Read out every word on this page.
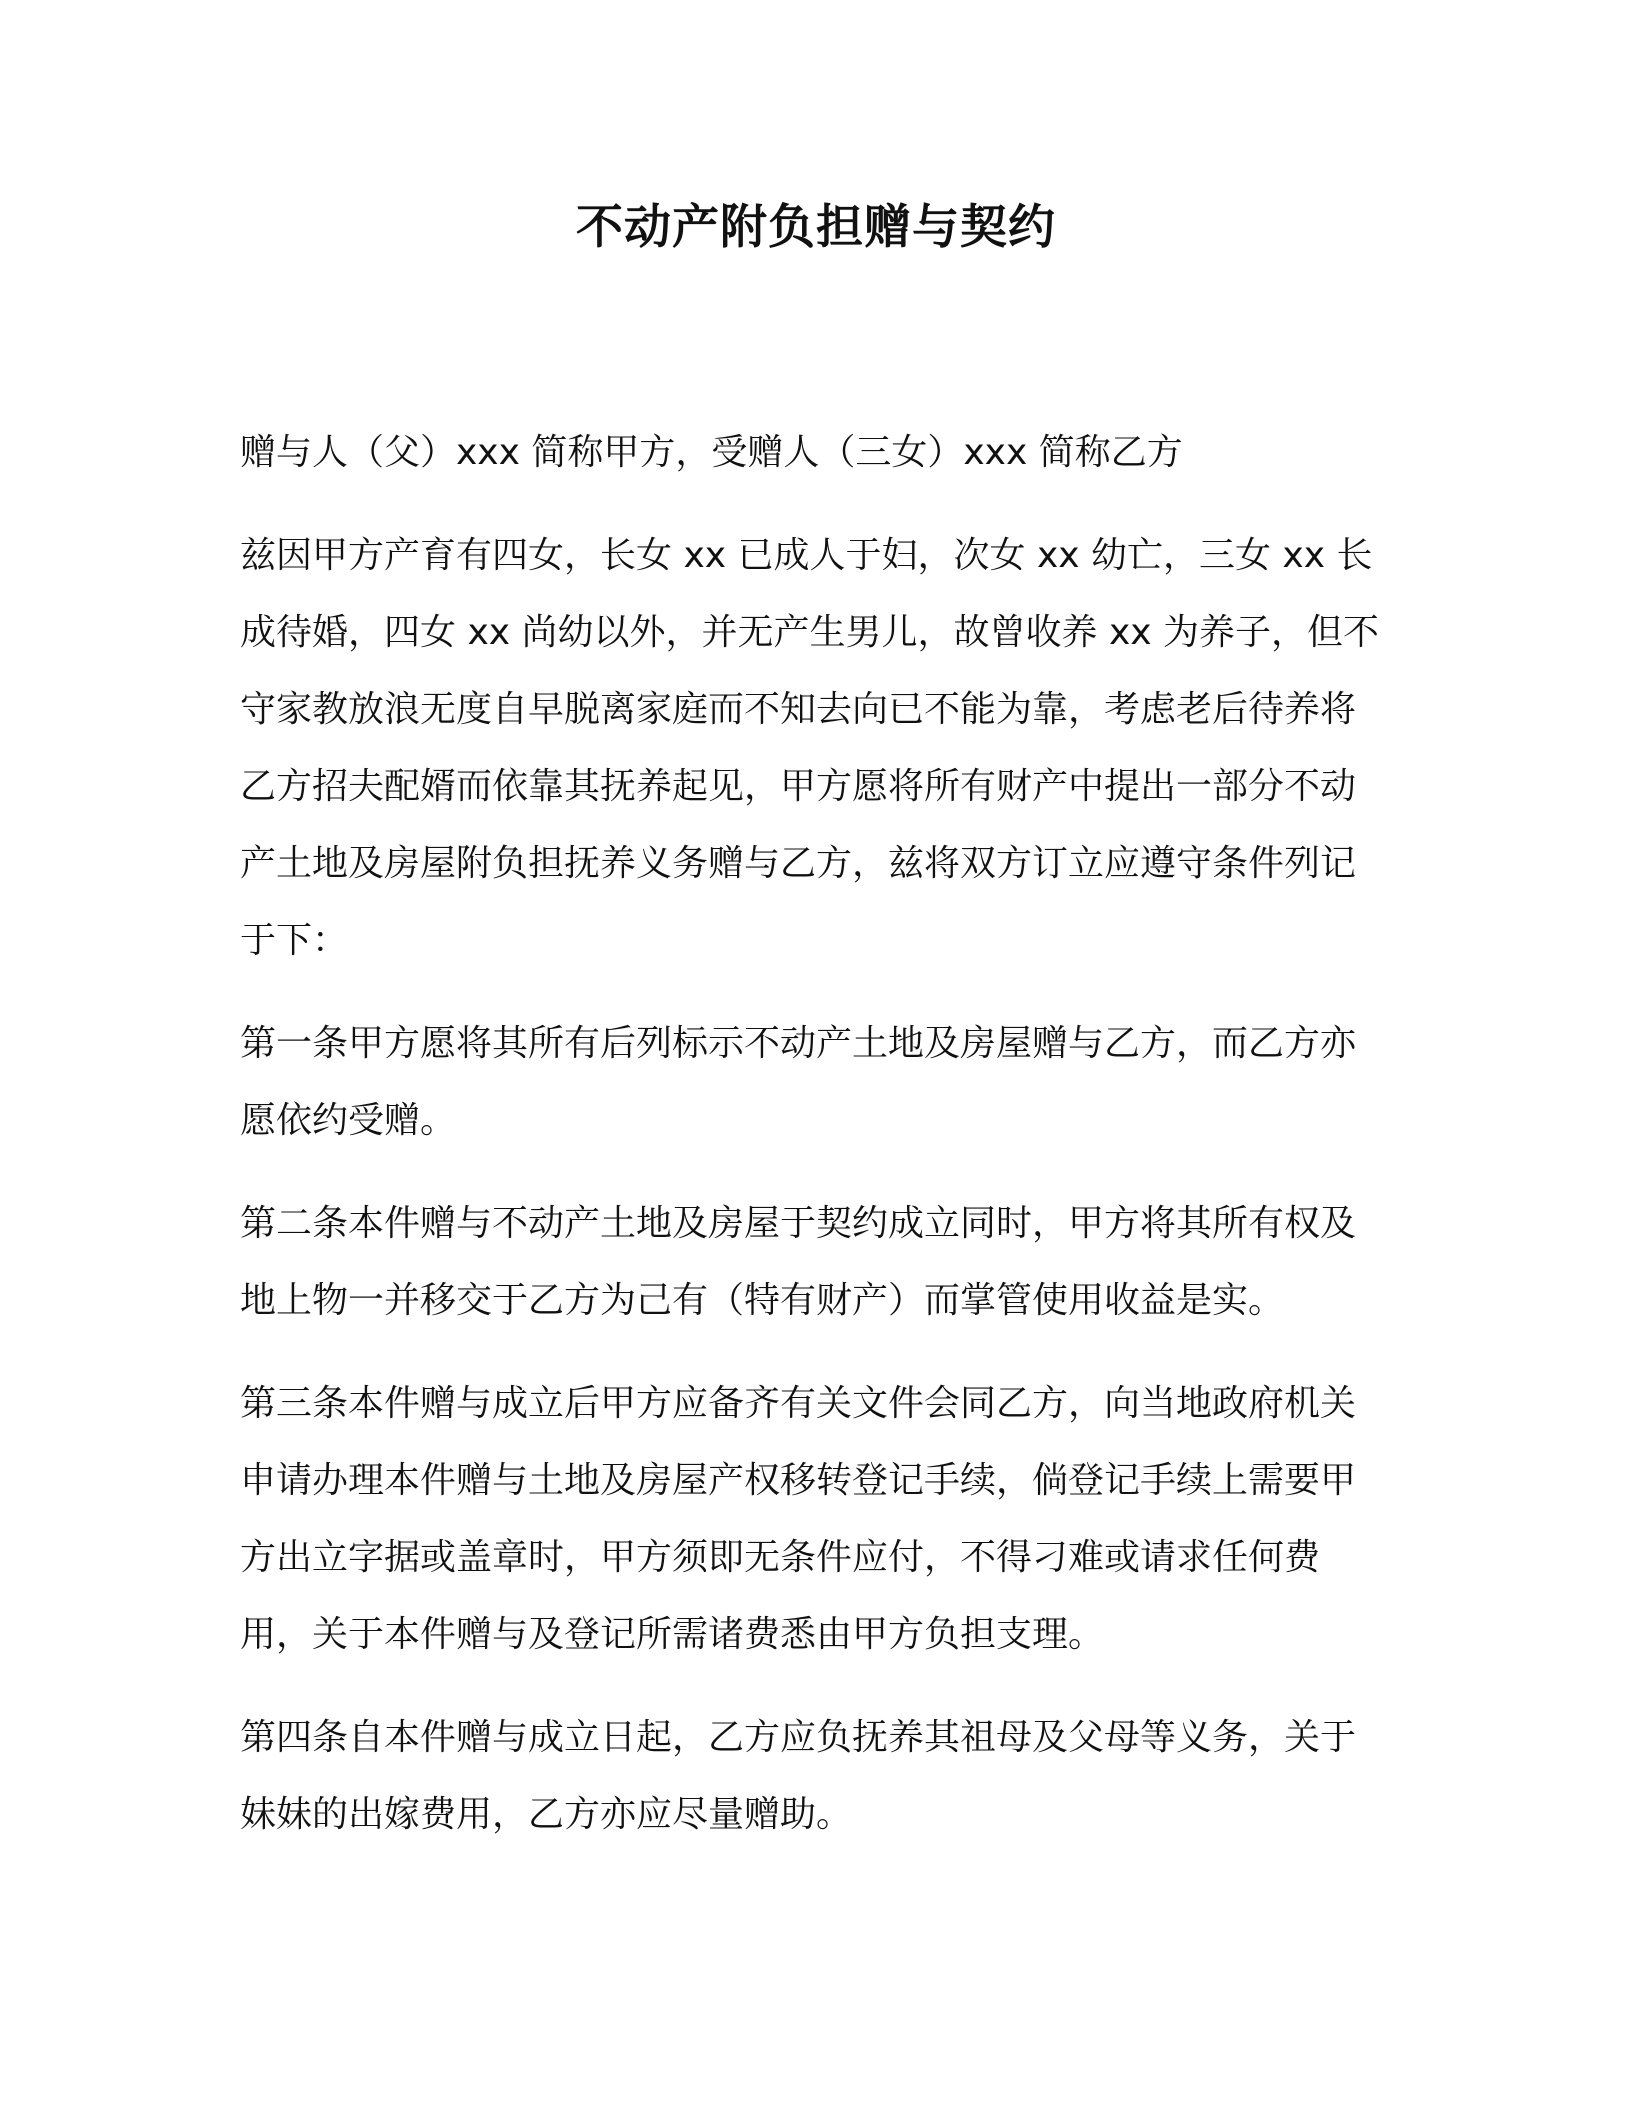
不动产附负担赠与契约

赠与人（父）xxx 简称甲方，受赠人（三女）xxx 简称乙方

兹因甲方产育有四女，长女 xx 已成人于妇，次女 xx 幼亡，三女 xx 长成待婚，四女 xx 尚幼以外，并无产生男儿，故曾收养 xx 为养子，但不守家教放浪无度自早脱离家庭而不知去向已不能为靠，考虑老后待养将乙方招夫配婿而依靠其抚养起见，甲方愿将所有财产中提出一部分不动产土地及房屋附负担抚养义务赠与乙方，兹将双方订立应遵守条件列记于下：

第一条甲方愿将其所有后列标示不动产土地及房屋赠与乙方，而乙方亦愿依约受赠。

第二条本件赠与不动产土地及房屋于契约成立同时，甲方将其所有权及地上物一并移交于乙方为己有（特有财产）而掌管使用收益是实。

第三条本件赠与成立后甲方应备齐有关文件会同乙方，向当地政府机关申请办理本件赠与土地及房屋产权移转登记手续，倘登记手续上需要甲方出立字据或盖章时，甲方须即无条件应付，不得刁难或请求任何费用，关于本件赠与及登记所需诸费悉由甲方负担支理。

第四条自本件赠与成立日起，乙方应负抚养其祖母及父母等义务，关于妹妹的出嫁费用，乙方亦应尽量赠助。
